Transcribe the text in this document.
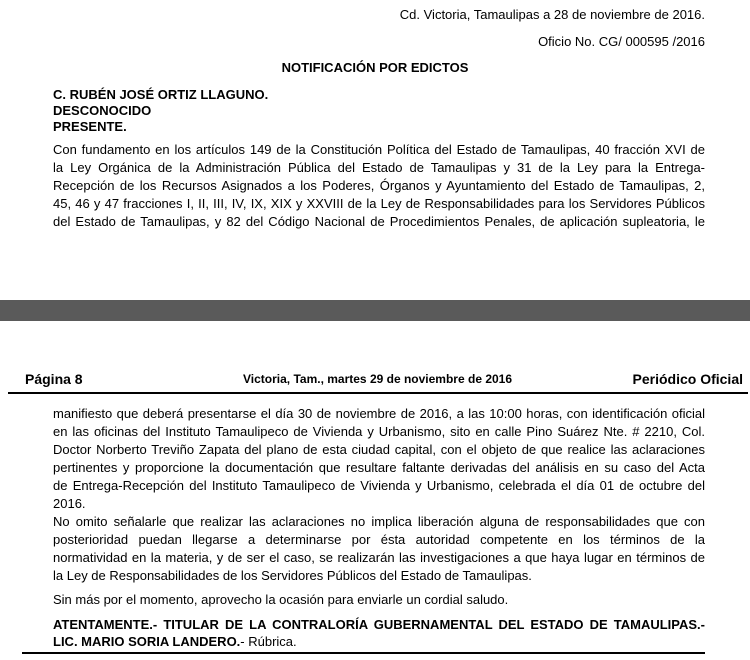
Cd. Victoria, Tamaulipas a 28 de noviembre de 2016.
Oficio No. CG/ 000595 /2016
NOTIFICACIÓN POR EDICTOS
C. RUBÉN JOSÉ ORTIZ LLAGUNO.
DESCONOCIDO
PRESENTE.
Con fundamento en los artículos 149 de la Constitución Política del Estado de Tamaulipas, 40 fracción XVI de
la Ley Orgánica de la Administración Pública del Estado de Tamaulipas y 31 de la Ley para la Entrega-
Recepción de los Recursos Asignados a los Poderes, Órganos y Ayuntamiento del Estado de Tamaulipas, 2,
45, 46 y 47 fracciones I, II, III, IV, IX, XIX y XXVIII de la Ley de Responsabilidades para los Servidores Públicos
del Estado de Tamaulipas, y 82 del Código Nacional de Procedimientos Penales, de aplicación supleatoria, le
Página 8	Victoria, Tam., martes 29 de noviembre de 2016	Periódico Oficial
manifiesto que deberá presentarse el día 30 de noviembre de 2016, a las 10:00 horas, con identificación oficial
en las oficinas del Instituto Tamaulipeco de Vivienda y Urbanismo, sito en calle Pino Suárez Nte. # 2210, Col.
Doctor Norberto Treviño Zapata del plano de esta ciudad capital, con el objeto de que realice las aclaraciones
pertinentes y proporcione la documentación que resultare faltante derivadas del análisis en su caso del Acta
de Entrega-Recepción del Instituto Tamaulipeco de Vivienda y Urbanismo, celebrada el día 01 de octubre del
2016.
No omito señalarle que realizar las aclaraciones no implica liberación alguna de responsabilidades que con
posterioridad puedan llegarse a determinarse por ésta autoridad competente en los términos de la
normatividad en la materia, y de ser el caso, se realizarán las investigaciones a que haya lugar en términos de
la Ley de Responsabilidades de los Servidores Públicos del Estado de Tamaulipas.
Sin más por el momento, aprovecho la ocasión para enviarle un cordial saludo.
ATENTAMENTE.- TITULAR DE LA CONTRALORÍA GUBERNAMENTAL DEL ESTADO DE TAMAULIPAS.-
LIC. MARIO SORIA LANDERO.- Rúbrica.
